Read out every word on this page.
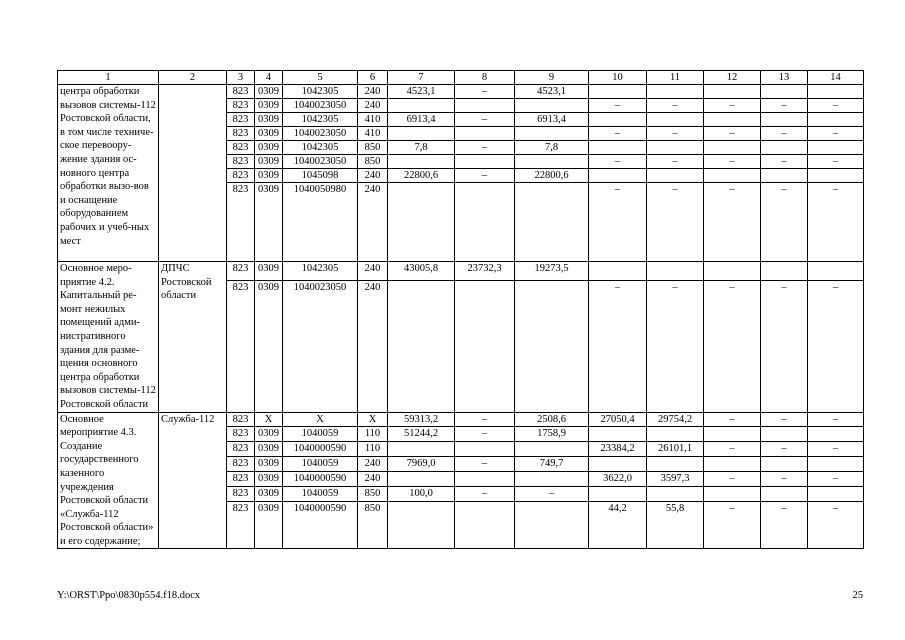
1	2	3	4	5	6	7	8	9	10	11	12	13	14
центра обработки вызовов системы-112 Ростовской области, в том числе техниче-ское перевоору-жение здания ос-новного центра обработки вызо-вов и оснащение оборудованием рабочих и учеб-ных мест		823	0309	1042305	240	4523,1	–	4523,1					
		823	0309	1040023050	240				–	–	–	–	–
		823	0309	1042305	410	6913,4	–	6913,4					
		823	0309	1040023050	410				–	–	–	–	–
		823	0309	1042305	850	7,8	–	7,8					
		823	0309	1040023050	850				–	–	–	–	–
		823	0309	1045098	240	22800,6	–	22800,6					
		823	0309	1040050980	240				–	–	–	–	–
Основное меро-приятие 4.2. Капитальный ре-монт нежилых помещений адми-нистративного здания для разме-щения основного центра обработки вызовов системы-112 Ростовской области	ДПЧС Ростовской области	823	0309	1042305	240	43005,8	23732,3	19273,5					
		823	0309	1040023050	240				–	–	–	–	–
Основное мероприятие 4.3. Создание государственного казенного учреждения Ростовской области «Служба-112 Ростовской области» и его содержание;	Служба-112	823	X	X	X	59313,2	–	2508,6	27050,4	29754,2	–	–	–
		823	0309	1040059	110	51244,2	–	1758,9					
		823	0309	1040000590	110				23384,2	26101,1	–	–	–
		823	0309	1040059	240	7969,0	–	749,7					
		823	0309	1040000590	240				3622,0	3597,3	–	–	–
		823	0309	1040059	850	100,0	–	–					
		823	0309	1040000590	850				44,2	55,8	–	–	–
Y:\ORST\Ppo\0830p554.f18.docx	25
